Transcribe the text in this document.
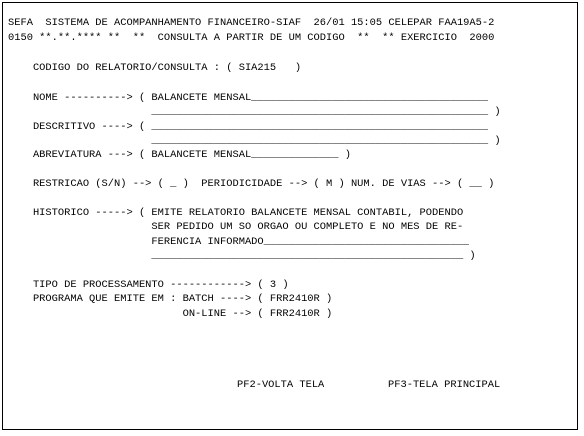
SEFA  SISTEMA DE ACOMPANHAMENTO FINANCEIRO-SIAF  26/01 15:05 CELEPAR FAA19A5-2
0150 **.**.**** **  **  CONSULTA A PARTIR DE UM CODIGO  **  ** EXERCICIO  2000
CODIGO DO RELATORIO/CONSULTA : ( SIA215   )
NOME ----------> ( BALANCETE MENSAL______________________________________
______________________________________________________ )
DESCRITIVO ----> ( ______________________________________________________
______________________________________________________ )
ABREVIATURA ---> ( BALANCETE MENSAL______________ )
RESTRICAO (S/N) --> ( _ )  PERIODICIDADE --> ( M ) NUM. DE VIAS --> ( __ )
HISTORICO -----> ( EMITE RELATORIO BALANCETE MENSAL CONTABIL, PODENDO
SER PEDIDO UM SO ORGAO OU COMPLETO E NO MES DE RE-
FERENCIA INFORMADO_________________________________
__________________________________________________ )
TIPO DE PROCESSAMENTO ------------> ( 3 )
PROGRAMA QUE EMITE EM : BATCH ----> ( FRR2410R )
ON-LINE --> ( FRR2410R )
PF2-VOLTA TELA	PF3-TELA PRINCIPAL
